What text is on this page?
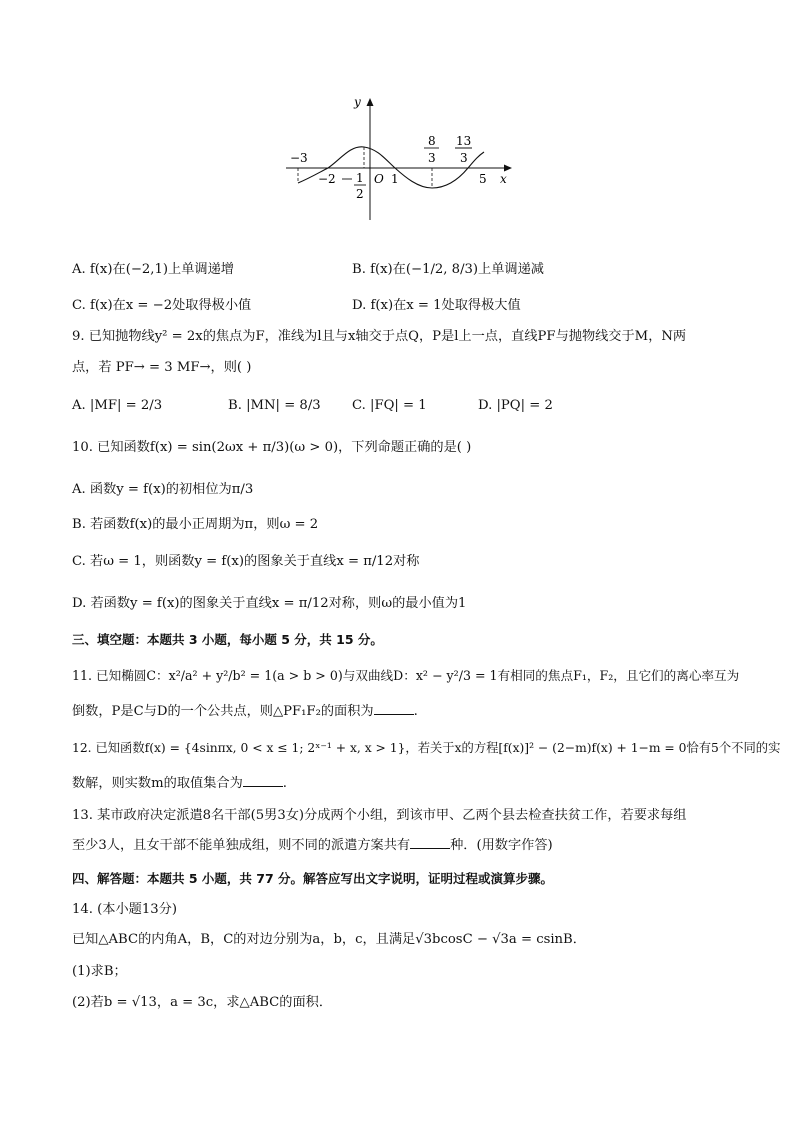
y
x
O
−3
−2 1
2
1
8
3
13
3
5
A. f(x)在(−2,1)上单调递增	B. f(x)在(−1/2, 8/3)上单调递减
C. f(x)在x = −2处取得极小值	D. f(x)在x = 1处取得极大值
9. 已知抛物线y² = 2x的焦点为F，准线为l且与x轴交于点Q，P是l上一点，直线PF与抛物线交于M，N两
点，若 PF→ = 3 MF→，则( )
A. |MF| = 2/3	B. |MN| = 8/3 C. |FQ| = 1	D. |PQ| = 2
10. 已知函数f(x) = sin(2ωx + π/3)(ω > 0)，下列命题正确的是( )
A. 函数y = f(x)的初相位为π/3
B. 若函数f(x)的最小正周期为π，则ω = 2
C. 若ω = 1，则函数y = f(x)的图象关于直线x = π/12对称
D. 若函数y = f(x)的图象关于直线x = π/12对称，则ω的最小值为1
三、填空题：本题共 3 小题，每小题 5 分，共 15 分。
11. 已知椭圆C：x²/a² + y²/b² = 1(a > b > 0)与双曲线D：x² − y²/3 = 1有相同的焦点F₁，F₂，且它们的离心率互为
倒数，P是C与D的一个公共点，则△PF₁F₂的面积为	.
12. 已知函数f(x) = {4sinπx, 0 < x ≤ 1; 2ˣ⁻¹ + x, x > 1}，若关于x的方程[f(x)]² − (2−m)f(x) + 1−m = 0恰有5个不同的实
数解，则实数m的取值集合为	.
13. 某市政府决定派遣8名干部(5男3女)分成两个小组，到该市甲、乙两个县去检查扶贫工作，若要求每组
至少3人，且女干部不能单独成组，则不同的派遣方案共有	种．(用数字作答)
四、解答题：本题共 5 小题，共 77 分。解答应写出文字说明，证明过程或演算步骤。
14. (本小题13分)
已知△ABC的内角A，B，C的对边分别为a，b，c，且满足√3bcosC − √3a = csinB．
(1)求B；
(2)若b = √13，a = 3c，求△ABC的面积．
